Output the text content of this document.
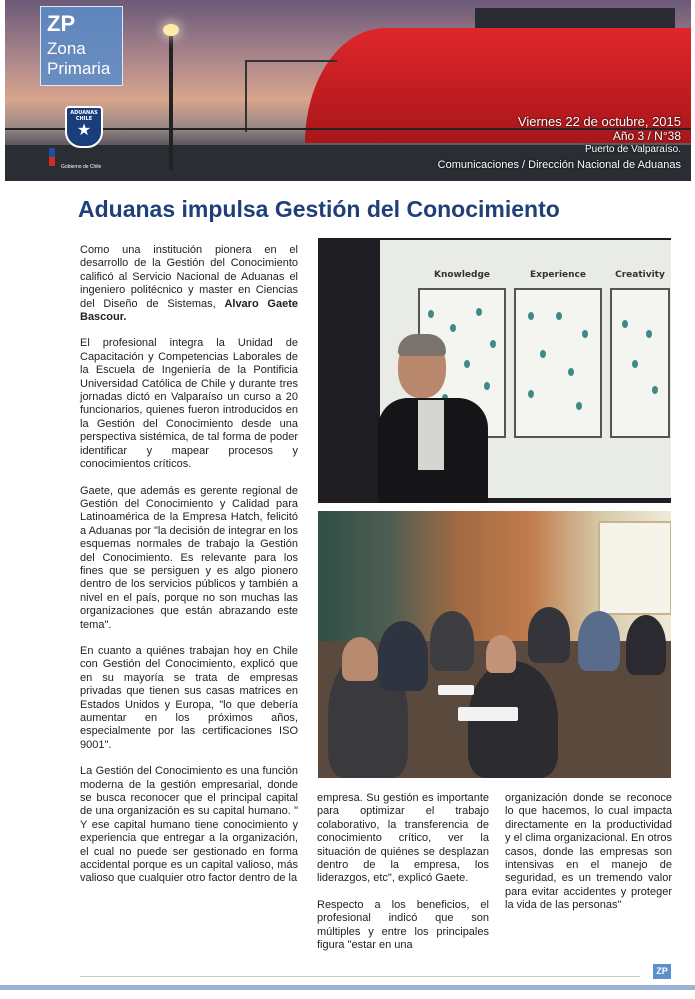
ZP
Zona
Primaria
ADUANAS CHILE
★
Gobierno de Chile
Viernes 22 de octubre, 2015
Año 3 / N°38
Puerto de Valparaíso.
Comunicaciones / Dirección Nacional de Aduanas
Aduanas impulsa Gestión del Conocimiento

Como una institución pionera en el desarrollo de la Gestión del Conocimiento calificó al Servicio Nacional de Aduanas el ingeniero politécnico y master en Ciencias del Diseño de Sistemas, Alvaro Gaete Bascour.

El profesional integra la Unidad de Capacitación y Competencias Laborales de la Escuela de Ingeniería de la Pontificia Universidad Católica de Chile y durante tres jornadas dictó en Valparaíso un curso a 20 funcionarios, quienes fueron introducidos en la Gestión del Conocimiento desde una perspectiva sistémica, de tal forma de poder identificar y mapear procesos y conocimientos críticos.

Gaete, que además es gerente regional de Gestión del Conocimiento y Calidad para Latinoamérica de la Empresa Hatch, felicitó a Aduanas por "la decisión de integrar en los esquemas normales de trabajo la Gestión del Conocimiento. Es relevante para los fines que se persiguen y es algo pionero dentro de los servicios públicos y también a nivel en el país, porque no son muchas las organizaciones que están abrazando este tema".

En cuanto a quiénes trabajan hoy en Chile con Gestión del Conocimiento, explicó que en su mayoría se trata de empresas privadas que tienen sus casas matrices en Estados Unidos y Europa, "lo que debería aumentar en los próximos años, especialmente por las certificaciones ISO 9001".

La Gestión del Conocimiento es una función moderna de la gestión empresarial, donde se busca reconocer que el principal capital de una organización es su capital humano. " Y ese capital humano tiene conocimiento y experiencia que entregar a la organización, el cual no puede ser gestionado en forma accidental porque es un capital valioso, más valioso que cualquier otro factor dentro de la

Knowledge	Experience	Creativity

empresa. Su gestión es importante para optimizar el trabajo colaborativo, la transferencia de conocimiento crítico, ver la situación de quiénes se desplazan dentro de la empresa, los liderazgos, etc", explicó Gaete.

Respecto a los beneficios, el profesional indicó que son múltiples y entre los principales figura "estar en una

organización donde se reconoce lo que hacemos, lo cual impacta directamente en la productividad y el clima organizacional. En otros casos, donde las empresas son intensivas en el manejo de seguridad, es un tremendo valor para evitar accidentes y proteger la vida de las personas"

ZP
